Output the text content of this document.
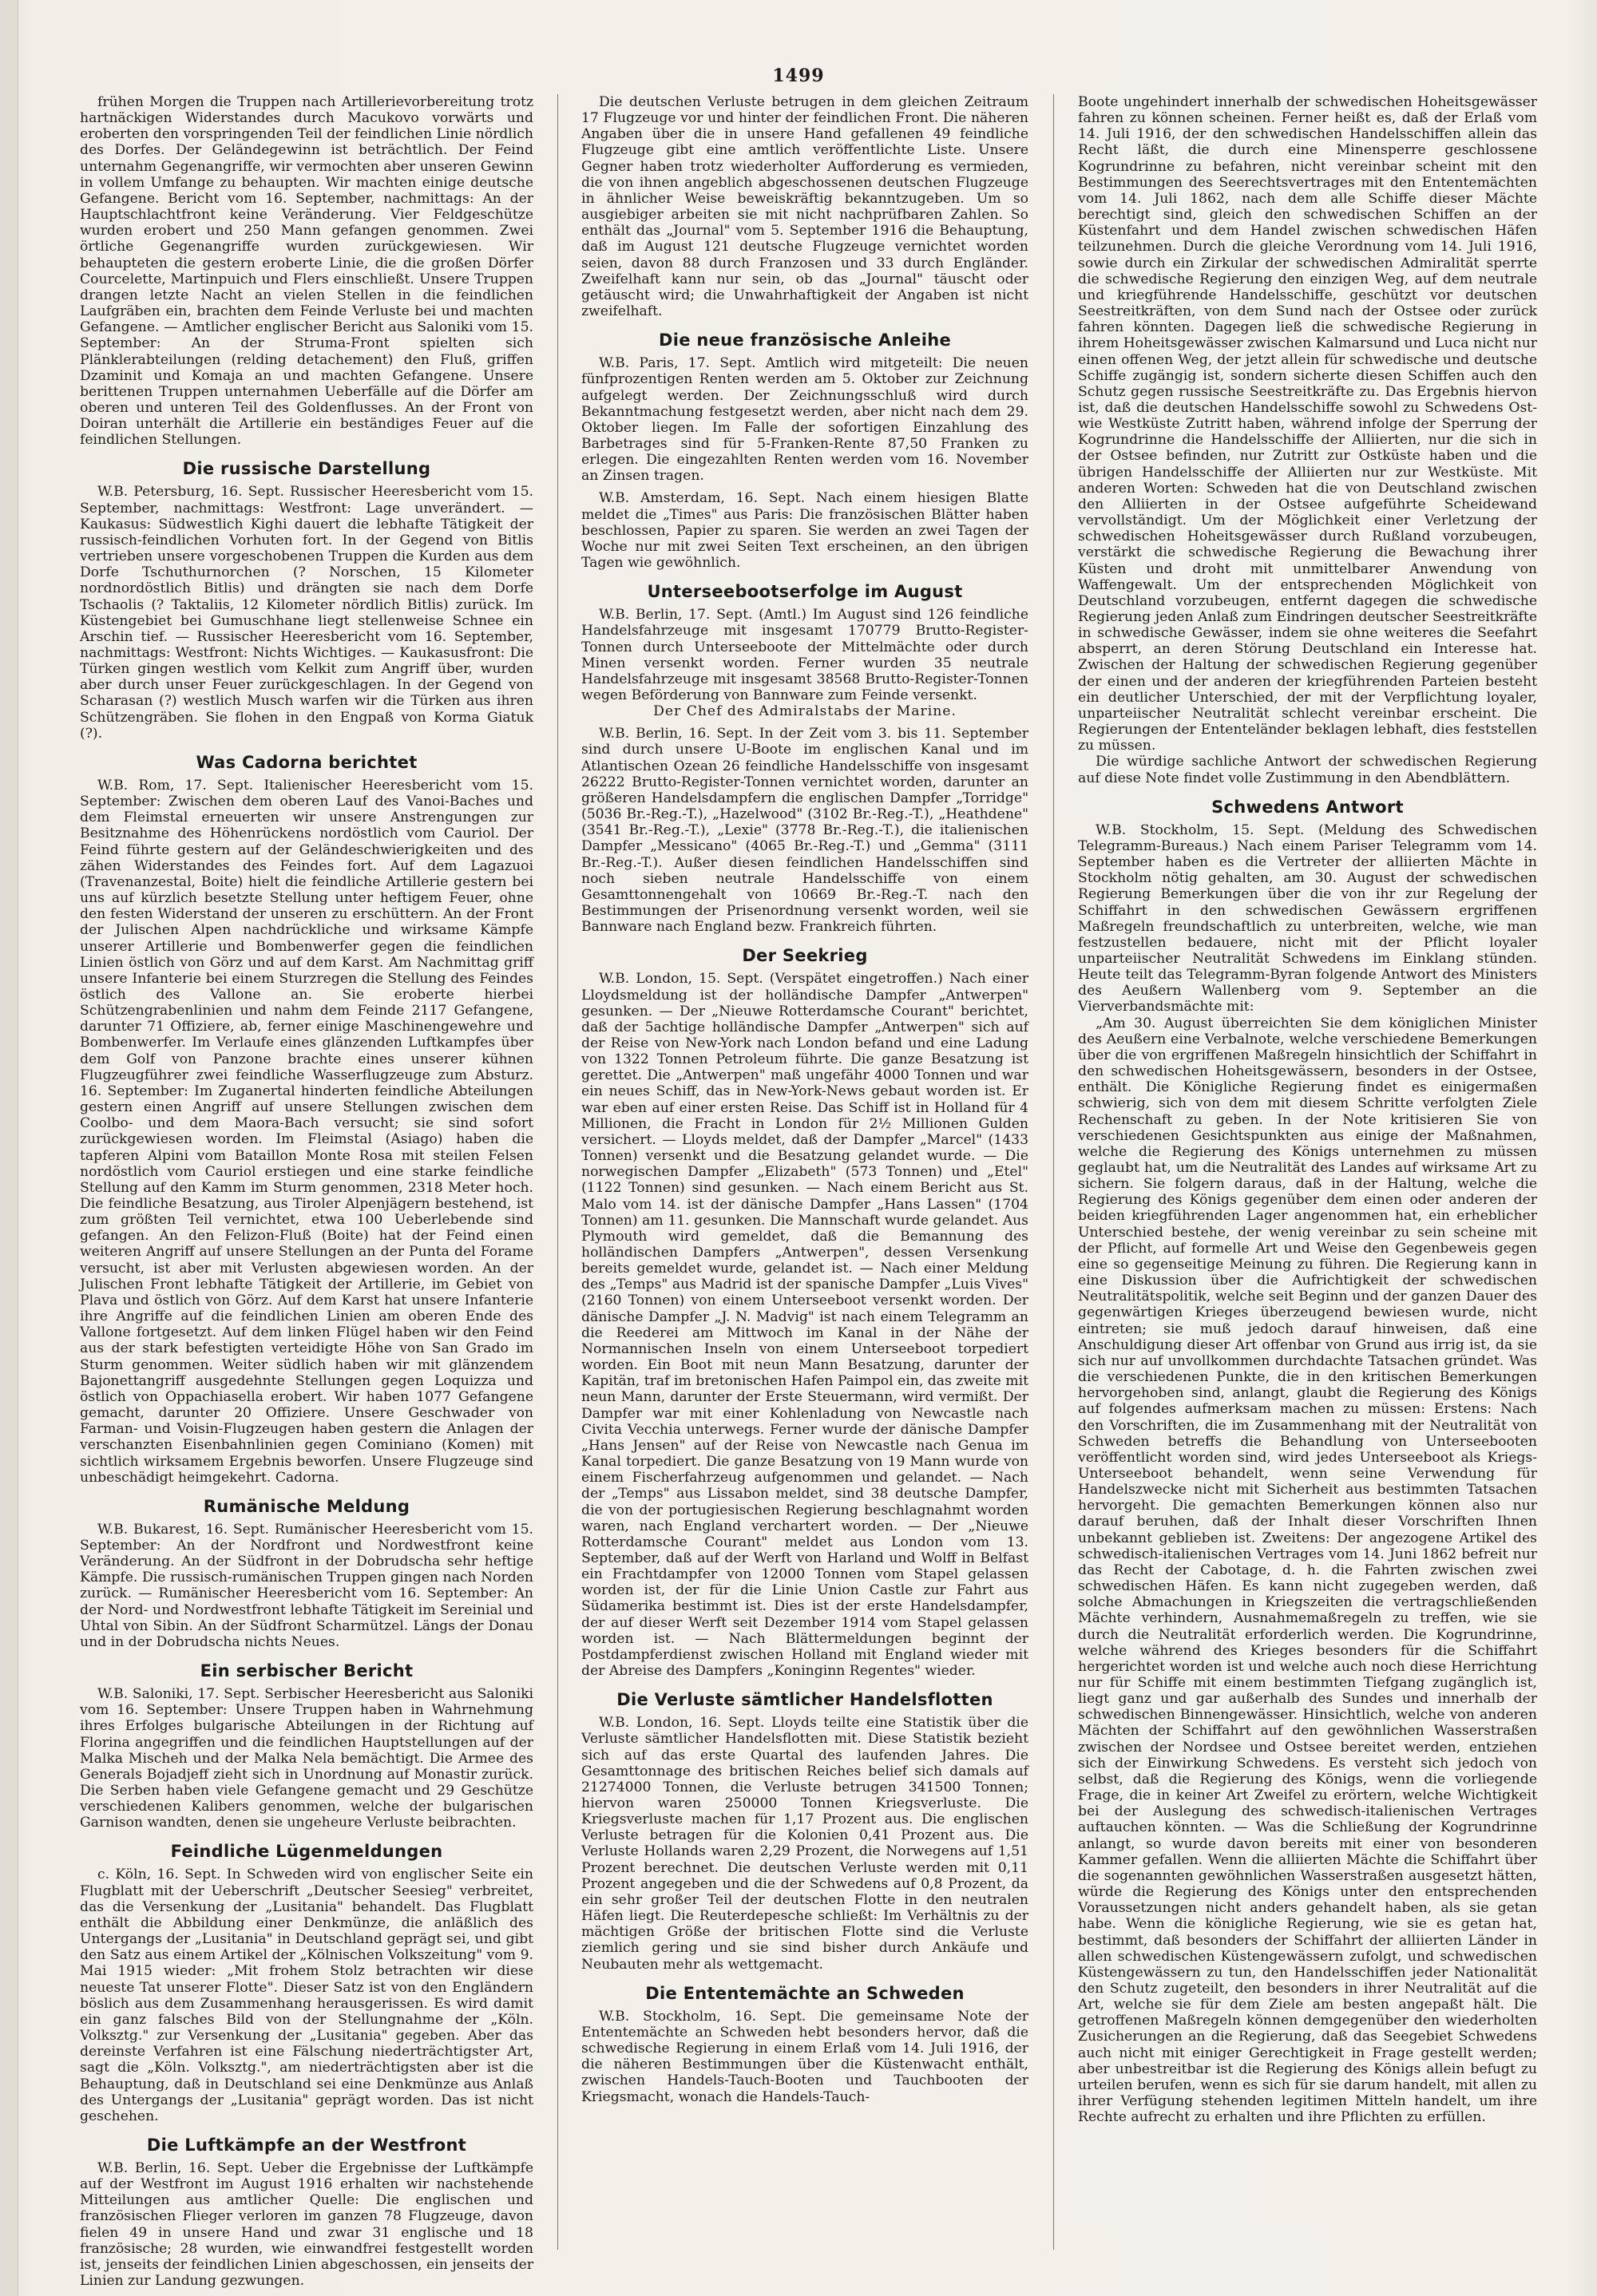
1499

frühen Morgen die Truppen nach Artillerievorbereitung trotz hartnäckigen Widerstandes durch Macukovo vorwärts und eroberten den vorspringenden Teil der feindlichen Linie nördlich des Dorfes. Der Geländegewinn ist beträchtlich. Der Feind unternahm Gegenangriffe, wir vermochten aber unseren Gewinn in vollem Umfange zu behaupten. Wir machten einige deutsche Gefangene. Bericht vom 16. September, nachmittags: An der Hauptschlachtfront keine Veränderung. Vier Feldgeschütze wurden erobert und 250 Mann gefangen genommen. Zwei örtliche Gegenangriffe wurden zurückgewiesen. Wir behaupteten die gestern eroberte Linie, die die großen Dörfer Courcelette, Martinpuich und Flers einschließt. Unsere Truppen drangen letzte Nacht an vielen Stellen in die feindlichen Laufgräben ein, brachten dem Feinde Verluste bei und machten Gefangene. — Amtlicher englischer Bericht aus Saloniki vom 15. September: An der Struma-Front spielten sich Plänklerabteilungen (relding detachement) den Fluß, griffen Dzaminit und Komaja an und machten Gefangene. Unsere berittenen Truppen unternahmen Ueberfälle auf die Dörfer am oberen und unteren Teil des Goldenflusses. An der Front von Doiran unterhält die Artillerie ein beständiges Feuer auf die feindlichen Stellungen.

Die russische Darstellung

W.B. Petersburg, 16. Sept. Russischer Heeresbericht vom 15. September, nachmittags: Westfront: Lage unverändert. — Kaukasus: Südwestlich Kighi dauert die lebhafte Tätigkeit der russisch-feindlichen Vorhuten fort. In der Gegend von Bitlis vertrieben unsere vorgeschobenen Truppen die Kurden aus dem Dorfe Tschuthurnorchen (? Norschen, 15 Kilometer nordnordöstlich Bitlis) und drängten sie nach dem Dorfe Tschaolis (? Taktaliis, 12 Kilometer nördlich Bitlis) zurück. Im Küstengebiet bei Gumuschhane liegt stellenweise Schnee ein Arschin tief. — Russischer Heeresbericht vom 16. September, nachmittags: Westfront: Nichts Wichtiges. — Kaukasusfront: Die Türken gingen westlich vom Kelkit zum Angriff über, wurden aber durch unser Feuer zurückgeschlagen. In der Gegend von Scharasan (?) westlich Musch warfen wir die Türken aus ihren Schützengräben. Sie flohen in den Engpaß von Korma Giatuk (?).

Was Cadorna berichtet

W.B. Rom, 17. Sept. Italienischer Heeresbericht vom 15. September: Zwischen dem oberen Lauf des Vanoi-Baches und dem Fleimstal erneuerten wir unsere Anstrengungen zur Besitznahme des Höhenrückens nordöstlich vom Cauriol. Der Feind führte gestern auf der Geländeschwierigkeiten und des zähen Widerstandes des Feindes fort. Auf dem Lagazuoi (Travenanzestal, Boite) hielt die feindliche Artillerie gestern bei uns auf kürzlich besetzte Stellung unter heftigem Feuer, ohne den festen Widerstand der unseren zu erschüttern. An der Front der Julischen Alpen nachdrückliche und wirksame Kämpfe unserer Artillerie und Bombenwerfer gegen die feindlichen Linien östlich von Görz und auf dem Karst. Am Nachmittag griff unsere Infanterie bei einem Sturzregen die Stellung des Feindes östlich des Vallone an. Sie eroberte hierbei Schützengrabenlinien und nahm dem Feinde 2117 Gefangene, darunter 71 Offiziere, ab, ferner einige Maschinengewehre und Bombenwerfer. Im Verlaufe eines glänzenden Luftkampfes über dem Golf von Panzone brachte eines unserer kühnen Flugzeugführer zwei feindliche Wasserflugzeuge zum Absturz. 16. September: Im Zuganertal hinderten feindliche Abteilungen gestern einen Angriff auf unsere Stellungen zwischen dem Coolbo- und dem Maora-Bach versucht; sie sind sofort zurückgewiesen worden. Im Fleimstal (Asiago) haben die tapferen Alpini vom Bataillon Monte Rosa mit steilen Felsen nordöstlich vom Cauriol erstiegen und eine starke feindliche Stellung auf den Kamm im Sturm genommen, 2318 Meter hoch. Die feindliche Besatzung, aus Tiroler Alpenjägern bestehend, ist zum größten Teil vernichtet, etwa 100 Ueberlebende sind gefangen. An den Felizon-Fluß (Boite) hat der Feind einen weiteren Angriff auf unsere Stellungen an der Punta del Forame versucht, ist aber mit Verlusten abgewiesen worden. An der Julischen Front lebhafte Tätigkeit der Artillerie, im Gebiet von Plava und östlich von Görz. Auf dem Karst hat unsere Infanterie ihre Angriffe auf die feindlichen Linien am oberen Ende des Vallone fortgesetzt. Auf dem linken Flügel haben wir den Feind aus der stark befestigten verteidigte Höhe von San Grado im Sturm genommen. Weiter südlich haben wir mit glänzendem Bajonettangriff ausgedehnte Stellungen gegen Loquizza und östlich von Oppachiasella erobert. Wir haben 1077 Gefangene gemacht, darunter 20 Offiziere. Unsere Geschwader von Farman- und Voisin-Flugzeugen haben gestern die Anlagen der verschanzten Eisenbahnlinien gegen Cominiano (Komen) mit sichtlich wirksamem Ergebnis beworfen. Unsere Flugzeuge sind unbeschädigt heimgekehrt. Cadorna.

Rumänische Meldung

W.B. Bukarest, 16. Sept. Rumänischer Heeresbericht vom 15. September: An der Nordfront und Nordwestfront keine Veränderung. An der Südfront in der Dobrudscha sehr heftige Kämpfe. Die russisch-rumänischen Truppen gingen nach Norden zurück. — Rumänischer Heeresbericht vom 16. September: An der Nord- und Nordwestfront lebhafte Tätigkeit im Sereinial und Uhtal von Sibin. An der Südfront Scharmützel. Längs der Donau und in der Dobrudscha nichts Neues.

Ein serbischer Bericht

W.B. Saloniki, 17. Sept. Serbischer Heeresbericht aus Saloniki vom 16. September: Unsere Truppen haben in Wahrnehmung ihres Erfolges bulgarische Abteilungen in der Richtung auf Florina angegriffen und die feindlichen Hauptstellungen auf der Malka Mischeh und der Malka Nela bemächtigt. Die Armee des Generals Bojadjeff zieht sich in Unordnung auf Monastir zurück. Die Serben haben viele Gefangene gemacht und 29 Geschütze verschiedenen Kalibers genommen, welche der bulgarischen Garnison wandten, denen sie ungeheure Verluste beibrachten.

Feindliche Lügenmeldungen

c. Köln, 16. Sept. In Schweden wird von englischer Seite ein Flugblatt mit der Ueberschrift „Deutscher Seesieg" verbreitet, das die Versenkung der „Lusitania" behandelt. Das Flugblatt enthält die Abbildung einer Denkmünze, die anläßlich des Untergangs der „Lusitania" in Deutschland geprägt sei, und gibt den Satz aus einem Artikel der „Kölnischen Volkszeitung" vom 9. Mai 1915 wieder: „Mit frohem Stolz betrachten wir diese neueste Tat unserer Flotte". Dieser Satz ist von den Engländern böslich aus dem Zusammenhang herausgerissen. Es wird damit ein ganz falsches Bild von der Stellungnahme der „Köln. Volksztg." zur Versenkung der „Lusitania" gegeben. Aber das dereinste Verfahren ist eine Fälschung niederträchtigster Art, sagt die „Köln. Volksztg.", am niederträchtigsten aber ist die Behauptung, daß in Deutschland sei eine Denkmünze aus Anlaß des Untergangs der „Lusitania" geprägt worden. Das ist nicht geschehen.

Die Luftkämpfe an der Westfront

W.B. Berlin, 16. Sept. Ueber die Ergebnisse der Luftkämpfe auf der Westfront im August 1916 erhalten wir nachstehende Mitteilungen aus amtlicher Quelle: Die englischen und französischen Flieger verloren im ganzen 78 Flugzeuge, davon fielen 49 in unsere Hand und zwar 31 englische und 18 französische; 28 wurden, wie einwandfrei festgestellt worden ist, jenseits der feindlichen Linien abgeschossen, ein jenseits der Linien zur Landung gezwungen.

Die deutschen Verluste betrugen in dem gleichen Zeitraum 17 Flugzeuge vor und hinter der feindlichen Front. Die näheren Angaben über die in unsere Hand gefallenen 49 feindliche Flugzeuge gibt eine amtlich veröffentlichte Liste. Unsere Gegner haben trotz wiederholter Aufforderung es vermieden, die von ihnen angeblich abgeschossenen deutschen Flugzeuge in ähnlicher Weise beweiskräftig bekanntzugeben. Um so ausgiebiger arbeiten sie mit nicht nachprüfbaren Zahlen. So enthält das „Journal" vom 5. September 1916 die Behauptung, daß im August 121 deutsche Flugzeuge vernichtet worden seien, davon 88 durch Franzosen und 33 durch Engländer. Zweifelhaft kann nur sein, ob das „Journal" täuscht oder getäuscht wird; die Unwahrhaftigkeit der Angaben ist nicht zweifelhaft.

Die neue französische Anleihe

W.B. Paris, 17. Sept. Amtlich wird mitgeteilt: Die neuen fünfprozentigen Renten werden am 5. Oktober zur Zeichnung aufgelegt werden. Der Zeichnungsschluß wird durch Bekanntmachung festgesetzt werden, aber nicht nach dem 29. Oktober liegen. Im Falle der sofortigen Einzahlung des Barbetrages sind für 5-Franken-Rente 87,50 Franken zu erlegen. Die eingezahlten Renten werden vom 16. November an Zinsen tragen.

W.B. Amsterdam, 16. Sept. Nach einem hiesigen Blatte meldet die „Times" aus Paris: Die französischen Blätter haben beschlossen, Papier zu sparen. Sie werden an zwei Tagen der Woche nur mit zwei Seiten Text erscheinen, an den übrigen Tagen wie gewöhnlich.

Unterseebootserfolge im August

W.B. Berlin, 17. Sept. (Amtl.) Im August sind 126 feindliche Handelsfahrzeuge mit insgesamt 170779 Brutto-Register-Tonnen durch Unterseeboote der Mittelmächte oder durch Minen versenkt worden. Ferner wurden 35 neutrale Handelsfahrzeuge mit insgesamt 38568 Brutto-Register-Tonnen wegen Beförderung von Bannware zum Feinde versenkt.

Der Chef des Admiralstabs der Marine.

W.B. Berlin, 16. Sept. In der Zeit vom 3. bis 11. September sind durch unsere U-Boote im englischen Kanal und im Atlantischen Ozean 26 feindliche Handelsschiffe von insgesamt 26222 Brutto-Register-Tonnen vernichtet worden, darunter an größeren Handelsdampfern die englischen Dampfer „Torridge" (5036 Br.-Reg.-T.), „Hazelwood" (3102 Br.-Reg.-T.), „Heathdene" (3541 Br.-Reg.-T.), „Lexie" (3778 Br.-Reg.-T.), die italienischen Dampfer „Messicano" (4065 Br.-Reg.-T.) und „Gemma" (3111 Br.-Reg.-T.). Außer diesen feindlichen Handelsschiffen sind noch sieben neutrale Handelsschiffe von einem Gesamttonnengehalt von 10669 Br.-Reg.-T. nach den Bestimmungen der Prisenordnung versenkt worden, weil sie Bannware nach England bezw. Frankreich führten.

Der Seekrieg

W.B. London, 15. Sept. (Verspätet eingetroffen.) Nach einer Lloydsmeldung ist der holländische Dampfer „Antwerpen" gesunken. — Der „Nieuwe Rotterdamsche Courant" berichtet, daß der 5achtige holländische Dampfer „Antwerpen" sich auf der Reise von New-York nach London befand und eine Ladung von 1322 Tonnen Petroleum führte. Die ganze Besatzung ist gerettet. Die „Antwerpen" maß ungefähr 4000 Tonnen und war ein neues Schiff, das in New-York-News gebaut worden ist. Er war eben auf einer ersten Reise. Das Schiff ist in Holland für 4 Millionen, die Fracht in London für 2½ Millionen Gulden versichert. — Lloyds meldet, daß der Dampfer „Marcel" (1433 Tonnen) versenkt und die Besatzung gelandet wurde. — Die norwegischen Dampfer „Elizabeth" (573 Tonnen) und „Etel" (1122 Tonnen) sind gesunken. — Nach einem Bericht aus St. Malo vom 14. ist der dänische Dampfer „Hans Lassen" (1704 Tonnen) am 11. gesunken. Die Mannschaft wurde gelandet. Aus Plymouth wird gemeldet, daß die Bemannung des holländischen Dampfers „Antwerpen", dessen Versenkung bereits gemeldet wurde, gelandet ist. — Nach einer Meldung des „Temps" aus Madrid ist der spanische Dampfer „Luis Vives" (2160 Tonnen) von einem Unterseeboot versenkt worden. Der dänische Dampfer „J. N. Madvig" ist nach einem Telegramm an die Reederei am Mittwoch im Kanal in der Nähe der Normannischen Inseln von einem Unterseeboot torpediert worden. Ein Boot mit neun Mann Besatzung, darunter der Kapitän, traf im bretonischen Hafen Paimpol ein, das zweite mit neun Mann, darunter der Erste Steuermann, wird vermißt. Der Dampfer war mit einer Kohlenladung von Newcastle nach Civita Vecchia unterwegs. Ferner wurde der dänische Dampfer „Hans Jensen" auf der Reise von Newcastle nach Genua im Kanal torpediert. Die ganze Besatzung von 19 Mann wurde von einem Fischerfahrzeug aufgenommen und gelandet. — Nach der „Temps" aus Lissabon meldet, sind 38 deutsche Dampfer, die von der portugiesischen Regierung beschlagnahmt worden waren, nach England verchartert worden. — Der „Nieuwe Rotterdamsche Courant" meldet aus London vom 13. September, daß auf der Werft von Harland und Wolff in Belfast ein Frachtdampfer von 12000 Tonnen vom Stapel gelassen worden ist, der für die Linie Union Castle zur Fahrt aus Südamerika bestimmt ist. Dies ist der erste Handelsdampfer, der auf dieser Werft seit Dezember 1914 vom Stapel gelassen worden ist. — Nach Blättermeldungen beginnt der Postdampferdienst zwischen Holland mit England wieder mit der Abreise des Dampfers „Koninginn Regentes" wieder.

Die Verluste sämtlicher Handelsflotten

W.B. London, 16. Sept. Lloyds teilte eine Statistik über die Verluste sämtlicher Handelsflotten mit. Diese Statistik bezieht sich auf das erste Quartal des laufenden Jahres. Die Gesamttonnage des britischen Reiches belief sich damals auf 21274000 Tonnen, die Verluste betrugen 341500 Tonnen; hiervon waren 250000 Tonnen Kriegsverluste. Die Kriegsverluste machen für 1,17 Prozent aus. Die englischen Verluste betragen für die Kolonien 0,41 Prozent aus. Die Verluste Hollands waren 2,29 Prozent, die Norwegens auf 1,51 Prozent berechnet. Die deutschen Verluste werden mit 0,11 Prozent angegeben und die der Schwedens auf 0,8 Prozent, da ein sehr großer Teil der deutschen Flotte in den neutralen Häfen liegt. Die Reuterdepesche schließt: Im Verhältnis zu der mächtigen Größe der britischen Flotte sind die Verluste ziemlich gering und sie sind bisher durch Ankäufe und Neubauten mehr als wettgemacht.

Die Ententemächte an Schweden

W.B. Stockholm, 16. Sept. Die gemeinsame Note der Ententemächte an Schweden hebt besonders hervor, daß die schwedische Regierung in einem Erlaß vom 14. Juli 1916, der die näheren Bestimmungen über die Küstenwacht enthält, zwischen Handels-Tauch-Booten und Tauchbooten der Kriegsmacht, wonach die Handels-Tauch-

Boote ungehindert innerhalb der schwedischen Hoheitsgewässer fahren zu können scheinen. Ferner heißt es, daß der Erlaß vom 14. Juli 1916, der den schwedischen Handelsschiffen allein das Recht läßt, die durch eine Minensperre geschlossene Kogrundrinne zu befahren, nicht vereinbar scheint mit den Bestimmungen des Seerechtsvertrages mit den Ententemächten vom 14. Juli 1862, nach dem alle Schiffe dieser Mächte berechtigt sind, gleich den schwedischen Schiffen an der Küstenfahrt und dem Handel zwischen schwedischen Häfen teilzunehmen. Durch die gleiche Verordnung vom 14. Juli 1916, sowie durch ein Zirkular der schwedischen Admiralität sperrte die schwedische Regierung den einzigen Weg, auf dem neutrale und kriegführende Handelsschiffe, geschützt vor deutschen Seestreitkräften, von dem Sund nach der Ostsee oder zurück fahren könnten. Dagegen ließ die schwedische Regierung in ihrem Hoheitsgewässer zwischen Kalmarsund und Luca nicht nur einen offenen Weg, der jetzt allein für schwedische und deutsche Schiffe zugängig ist, sondern sicherte diesen Schiffen auch den Schutz gegen russische Seestreitkräfte zu. Das Ergebnis hiervon ist, daß die deutschen Handelsschiffe sowohl zu Schwedens Ost- wie Westküste Zutritt haben, während infolge der Sperrung der Kogrundrinne die Handelsschiffe der Alliierten, nur die sich in der Ostsee befinden, nur Zutritt zur Ostküste haben und die übrigen Handelsschiffe der Alliierten nur zur Westküste. Mit anderen Worten: Schweden hat die von Deutschland zwischen den Alliierten in der Ostsee aufgeführte Scheidewand vervollständigt. Um der Möglichkeit einer Verletzung der schwedischen Hoheitsgewässer durch Rußland vorzubeugen, verstärkt die schwedische Regierung die Bewachung ihrer Küsten und droht mit unmittelbarer Anwendung von Waffengewalt. Um der entsprechenden Möglichkeit von Deutschland vorzubeugen, entfernt dagegen die schwedische Regierung jeden Anlaß zum Eindringen deutscher Seestreitkräfte in schwedische Gewässer, indem sie ohne weiteres die Seefahrt absperrt, an deren Störung Deutschland ein Interesse hat. Zwischen der Haltung der schwedischen Regierung gegenüber der einen und der anderen der kriegführenden Parteien besteht ein deutlicher Unterschied, der mit der Verpflichtung loyaler, unparteiischer Neutralität schlecht vereinbar erscheint. Die Regierungen der Ententeländer beklagen lebhaft, dies feststellen zu müssen.

Die würdige sachliche Antwort der schwedischen Regierung auf diese Note findet volle Zustimmung in den Abendblättern.

Schwedens Antwort

W.B. Stockholm, 15. Sept. (Meldung des Schwedischen Telegramm-Bureaus.) Nach einem Pariser Telegramm vom 14. September haben es die Vertreter der alliierten Mächte in Stockholm nötig gehalten, am 30. August der schwedischen Regierung Bemerkungen über die von ihr zur Regelung der Schiffahrt in den schwedischen Gewässern ergriffenen Maßregeln freundschaftlich zu unterbreiten, welche, wie man festzustellen bedauere, nicht mit der Pflicht loyaler unparteiischer Neutralität Schwedens im Einklang stünden. Heute teilt das Telegramm-Byran folgende Antwort des Ministers des Aeußern Wallenberg vom 9. September an die Vierverbandsmächte mit:

„Am 30. August überreichten Sie dem königlichen Minister des Aeußern eine Verbalnote, welche verschiedene Bemerkungen über die von ergriffenen Maßregeln hinsichtlich der Schiffahrt in den schwedischen Hoheitsgewässern, besonders in der Ostsee, enthält. Die Königliche Regierung findet es einigermaßen schwierig, sich von dem mit diesem Schritte verfolgten Ziele Rechenschaft zu geben. In der Note kritisieren Sie von verschiedenen Gesichtspunkten aus einige der Maßnahmen, welche die Regierung des Königs unternehmen zu müssen geglaubt hat, um die Neutralität des Landes auf wirksame Art zu sichern. Sie folgern daraus, daß in der Haltung, welche die Regierung des Königs gegenüber dem einen oder anderen der beiden kriegführenden Lager angenommen hat, ein erheblicher Unterschied bestehe, der wenig vereinbar zu sein scheine mit der Pflicht, auf formelle Art und Weise den Gegenbeweis gegen eine so gegenseitige Meinung zu führen. Die Regierung kann in eine Diskussion über die Aufrichtigkeit der schwedischen Neutralitätspolitik, welche seit Beginn und der ganzen Dauer des gegenwärtigen Krieges überzeugend bewiesen wurde, nicht eintreten; sie muß jedoch darauf hinweisen, daß eine Anschuldigung dieser Art offenbar von Grund aus irrig ist, da sie sich nur auf unvollkommen durchdachte Tatsachen gründet. Was die verschiedenen Punkte, die in den kritischen Bemerkungen hervorgehoben sind, anlangt, glaubt die Regierung des Königs auf folgendes aufmerksam machen zu müssen: Erstens: Nach den Vorschriften, die im Zusammenhang mit der Neutralität von Schweden betreffs die Behandlung von Unterseebooten veröffentlicht worden sind, wird jedes Unterseeboot als Kriegs-Unterseeboot behandelt, wenn seine Verwendung für Handelszwecke nicht mit Sicherheit aus bestimmten Tatsachen hervorgeht. Die gemachten Bemerkungen können also nur darauf beruhen, daß der Inhalt dieser Vorschriften Ihnen unbekannt geblieben ist. Zweitens: Der angezogene Artikel des schwedisch-italienischen Vertrages vom 14. Juni 1862 befreit nur das Recht der Cabotage, d. h. die Fahrten zwischen zwei schwedischen Häfen. Es kann nicht zugegeben werden, daß solche Abmachungen in Kriegszeiten die vertragschließenden Mächte verhindern, Ausnahmemaßregeln zu treffen, wie sie durch die Neutralität erforderlich werden. Die Kogrundrinne, welche während des Krieges besonders für die Schiffahrt hergerichtet worden ist und welche auch noch diese Herrichtung nur für Schiffe mit einem bestimmten Tiefgang zugänglich ist, liegt ganz und gar außerhalb des Sundes und innerhalb der schwedischen Binnengewässer. Hinsichtlich, welche von anderen Mächten der Schiffahrt auf den gewöhnlichen Wasserstraßen zwischen der Nordsee und Ostsee bereitet werden, entziehen sich der Einwirkung Schwedens. Es versteht sich jedoch von selbst, daß die Regierung des Königs, wenn die vorliegende Frage, die in keiner Art Zweifel zu erörtern, welche Wichtigkeit bei der Auslegung des schwedisch-italienischen Vertrages auftauchen könnten. — Was die Schließung der Kogrundrinne anlangt, so wurde davon bereits mit einer von besonderen Kammer gefallen. Wenn die alliierten Mächte die Schiffahrt über die sogenannten gewöhnlichen Wasserstraßen ausgesetzt hätten, würde die Regierung des Königs unter den entsprechenden Voraussetzungen nicht anders gehandelt haben, als sie getan habe. Wenn die königliche Regierung, wie sie es getan hat, bestimmt, daß besonders der Schiffahrt der alliierten Länder in allen schwedischen Küstengewässern zufolgt, und schwedischen Küstengewässern zu tun, den Handelsschiffen jeder Nationalität den Schutz zugeteilt, den besonders in ihrer Neutralität auf die Art, welche sie für dem Ziele am besten angepaßt hält. Die getroffenen Maßregeln können demgegenüber den wiederholten Zusicherungen an die Regierung, daß das Seegebiet Schwedens auch nicht mit einiger Gerechtigkeit in Frage gestellt werden; aber unbestreitbar ist die Regierung des Königs allein befugt zu urteilen berufen, wenn es sich für sie darum handelt, mit allen zu ihrer Verfügung stehenden legitimen Mitteln handelt, um ihre Rechte aufrecht zu erhalten und ihre Pflichten zu erfüllen.
